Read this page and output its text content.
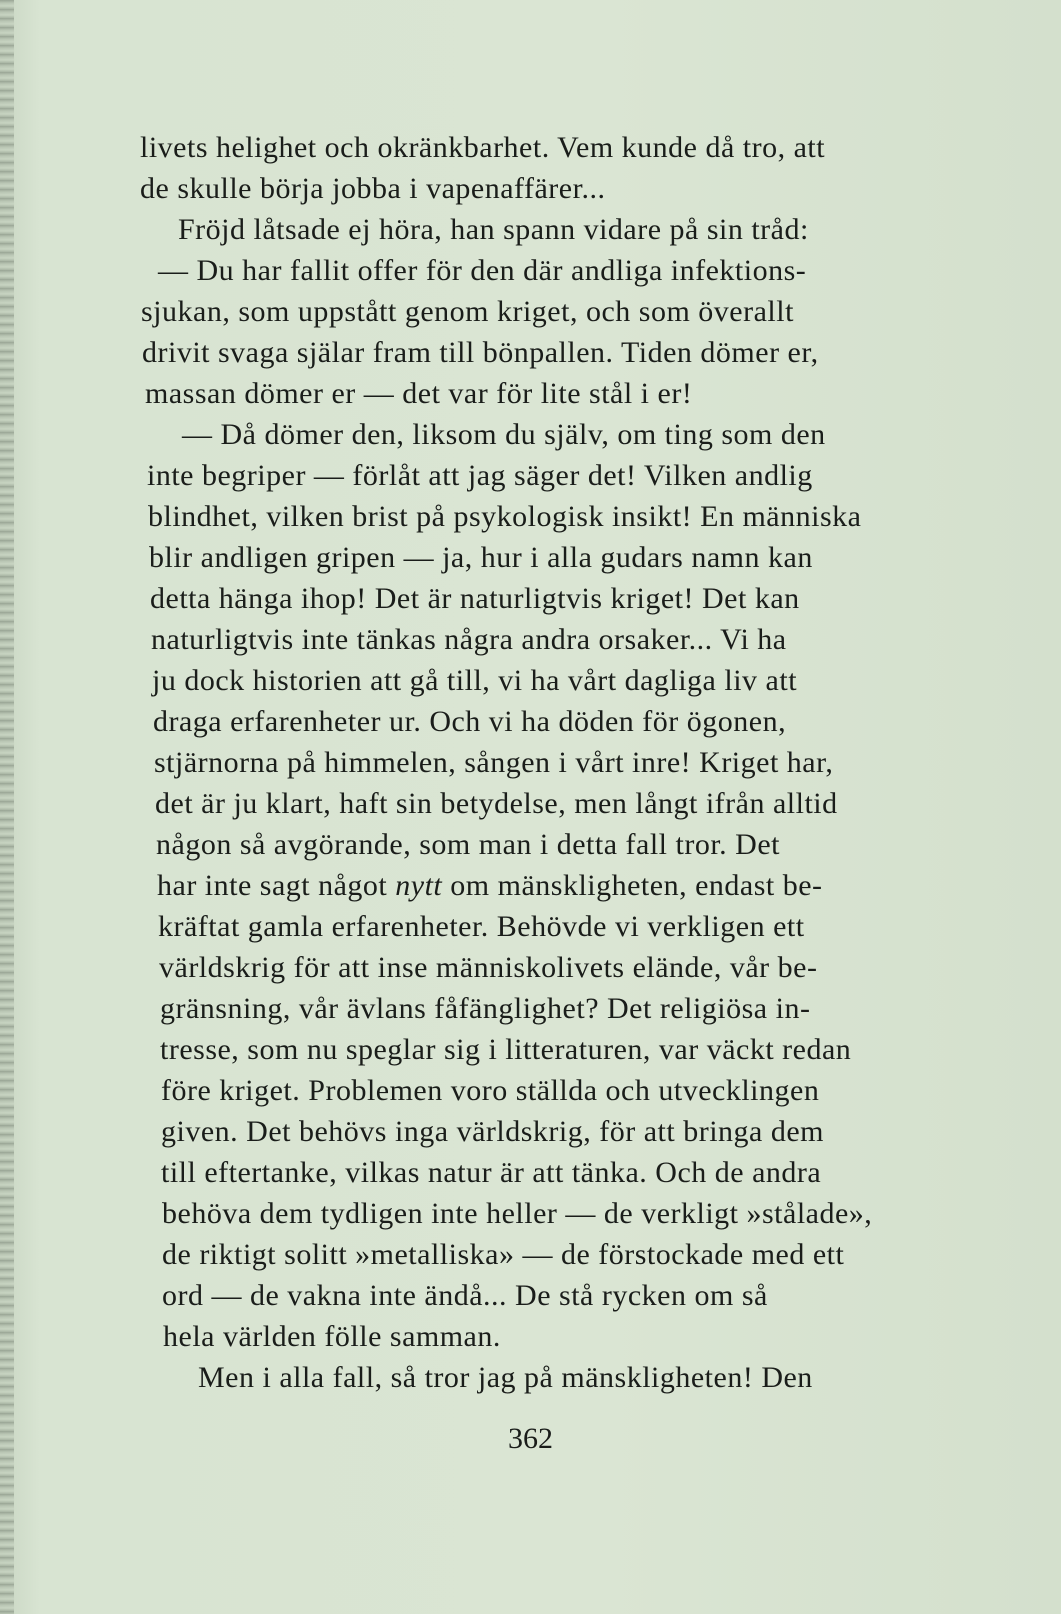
livets helighet och okränkbarhet. Vem kunde då tro, att

de skulle börja jobba i vapenaffärer...

Fröjd låtsade ej höra, han spann vidare på sin tråd:

— Du har fallit offer för den där andliga infektions-

sjukan, som uppstått genom kriget, och som överallt

drivit svaga själar fram till bönpallen. Tiden dömer er,

massan dömer er — det var för lite stål i er!

— Då dömer den, liksom du själv, om ting som den

inte begriper — förlåt att jag säger det! Vilken andlig

blindhet, vilken brist på psykologisk insikt! En människa

blir andligen gripen — ja, hur i alla gudars namn kan

detta hänga ihop! Det är naturligtvis kriget! Det kan

naturligtvis inte tänkas några andra orsaker... Vi ha

ju dock historien att gå till, vi ha vårt dagliga liv att

draga erfarenheter ur. Och vi ha döden för ögonen,

stjärnorna på himmelen, sången i vårt inre! Kriget har,

det är ju klart, haft sin betydelse, men långt ifrån alltid

någon så avgörande, som man i detta fall tror. Det

har inte sagt något nytt om mänskligheten, endast be-

kräftat gamla erfarenheter. Behövde vi verkligen ett

världskrig för att inse människolivets elände, vår be-

gränsning, vår ävlans fåfänglighet? Det religiösa in-

tresse, som nu speglar sig i litteraturen, var väckt redan

före kriget. Problemen voro ställda och utvecklingen

given. Det behövs inga världskrig, för att bringa dem

till eftertanke, vilkas natur är att tänka. Och de andra

behöva dem tydligen inte heller — de verkligt »stålade»,

de riktigt solitt »metalliska» — de förstockade med ett

ord — de vakna inte ändå... De stå rycken om så

hela världen fölle samman.

Men i alla fall, så tror jag på mänskligheten! Den

362
